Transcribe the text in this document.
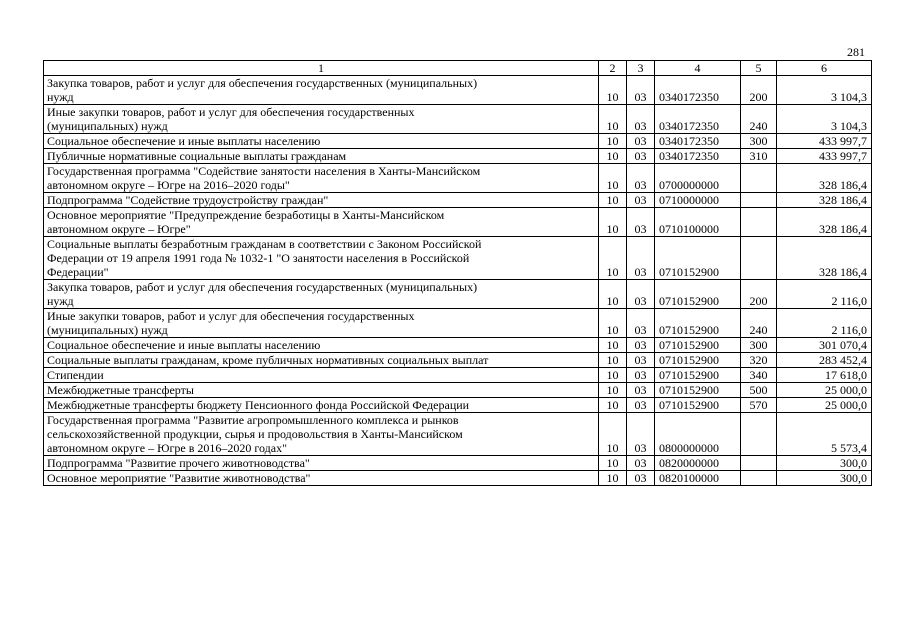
281
1	2	3	4	5	6

Закупка товаров, работ и услуг для обеспечения государственных (муниципальных)
нужд	10	03	0340172350	200	3 104,3

Иные закупки товаров, работ и услуг для обеспечения государственных
(муниципальных) нужд	10	03	0340172350	240	3 104,3

Социальное обеспечение и иные выплаты населению	10	03	0340172350	300	433 997,7

Публичные нормативные социальные выплаты гражданам	10	03	0340172350	310	433 997,7

Государственная программа "Содействие занятости населения в Ханты-Мансийском
автономном округе – Югре на 2016–2020 годы"	10	03	0700000000		328 186,4

Подпрограмма "Содействие трудоустройству граждан"	10	03	0710000000		328 186,4

Основное мероприятие "Предупреждение безработицы в Ханты-Мансийском
автономном округе – Югре"	10	03	0710100000		328 186,4

Социальные выплаты безработным гражданам в соответствии с Законом Российской
Федерации от 19 апреля 1991 года № 1032-1 "О занятости населения в Российской
Федерации"	10	03	0710152900		328 186,4

Закупка товаров, работ и услуг для обеспечения государственных (муниципальных)
нужд	10	03	0710152900	200	2 116,0

Иные закупки товаров, работ и услуг для обеспечения государственных
(муниципальных) нужд	10	03	0710152900	240	2 116,0

Социальное обеспечение и иные выплаты населению	10	03	0710152900	300	301 070,4

Социальные выплаты гражданам, кроме публичных нормативных социальных выплат	10	03	0710152900	320	283 452,4

Стипендии	10	03	0710152900	340	17 618,0

Межбюджетные трансферты	10	03	0710152900	500	25 000,0

Межбюджетные трансферты бюджету Пенсионного фонда Российской Федерации	10	03	0710152900	570	25 000,0

Государственная программа "Развитие агропромышленного комплекса и рынков
сельскохозяйственной продукции, сырья и продовольствия в Ханты-Мансийском
автономном округе – Югре в 2016–2020 годах"	10	03	0800000000		5 573,4

Подпрограмма "Развитие прочего животноводства"	10	03	0820000000		300,0

Основное мероприятие "Развитие животноводства"	10	03	0820100000		300,0
